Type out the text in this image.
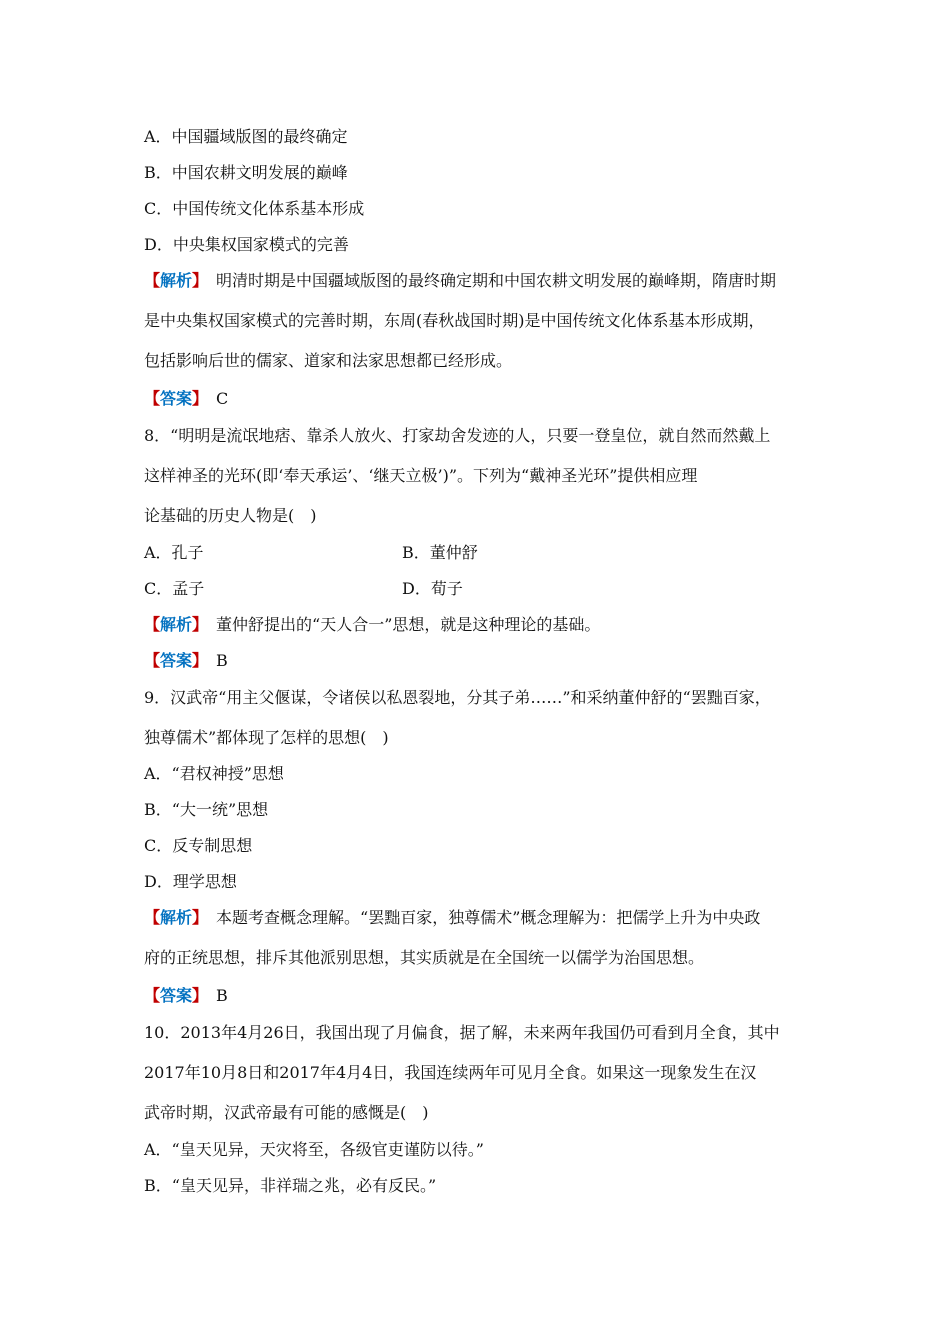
A．中国疆域版图的最终确定
B．中国农耕文明发展的巅峰
C．中国传统文化体系基本形成
D．中央集权国家模式的完善
【解析】 明清时期是中国疆域版图的最终确定期和中国农耕文明发展的巅峰期，隋唐时期
是中央集权国家模式的完善时期，东周(春秋战国时期)是中国传统文化体系基本形成期，
包括影响后世的儒家、道家和法家思想都已经形成。
【答案】 C
8．“明明是流氓地痞、靠杀人放火、打家劫舍发迹的人，只要一登皇位，就自然而然戴上
这样神圣的光环(即‘奉天承运’、‘继天立极’)”。下列为“戴神圣光环”提供相应理
论基础的历史人物是(　)
A．孔子	B．董仲舒
C．孟子	D．荀子
【解析】 董仲舒提出的“天人合一”思想，就是这种理论的基础。
【答案】 B
9．汉武帝“用主父偃谋，令诸侯以私恩裂地，分其子弟……”和采纳董仲舒的“罢黜百家，
独尊儒术”都体现了怎样的思想(　)
A．“君权神授”思想
B．“大一统”思想
C．反专制思想
D．理学思想
【解析】 本题考查概念理解。“罢黜百家，独尊儒术”概念理解为：把儒学上升为中央政
府的正统思想，排斥其他派别思想，其实质就是在全国统一以儒学为治国思想。
【答案】 B
10．2013年4月26日，我国出现了月偏食，据了解，未来两年我国仍可看到月全食，其中
2017年10月8日和2017年4月4日，我国连续两年可见月全食。如果这一现象发生在汉
武帝时期，汉武帝最有可能的感慨是(　)
A．“皇天见异，天灾将至，各级官吏谨防以待。”
B．“皇天见异，非祥瑞之兆，必有反民。”
